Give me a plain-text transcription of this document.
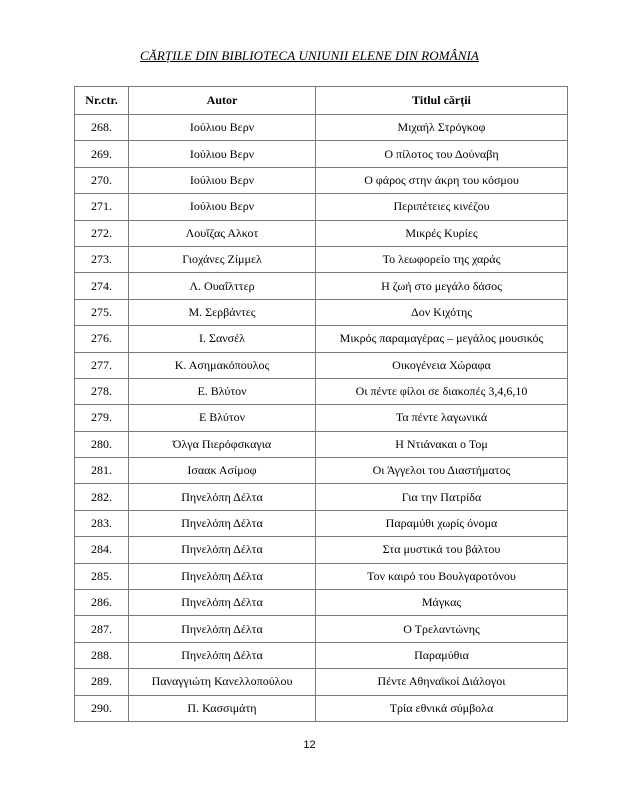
CĂRȚILE DIN BIBLIOTECA UNIUNII ELENE DIN ROMÂNIA
Nr.ctr.	Autor	Titlul cărţii
268.	Ιούλιου Βερν	Μιχαήλ Στρόγκοφ
269.	Ιούλιου Βερν	Ο πίλοτος του Δούναβη
270.	Ιούλιου Βερν	Ο φάρος στην άκρη του κόσμου
271.	Ιούλιου Βερν	Περιπέτειες κινέζου
272.	Λουΐζας Αλκοτ	Μικρές Κυρίες
273.	Γιοχάνες Ζίμμελ	Το λεωφορείο της χαράς
274.	Λ. Ουαΐλττερ	Η ζωή στο μεγάλο δάσος
275.	Μ. Σερβάντες	Δον Κιχότης
276.	Ι. Σανσέλ	Μικρός παραμαγέρας – μεγάλος μουσικός
277.	Κ. Ασημακόπουλος	Οικογένεια Χώραφα
278.	Ε. Βλύτον	Οι πέντε φίλοι σε διακοπές 3,4,6,10
279.	Ε Βλύτον	Τα πέντε λαγωνικά
280.	Όλγα Πιερόφσκαγια	Η Ντιάνακαι ο Τομ
281.	Ισαακ Ασίμοφ	Οι Άγγελοι του Διαστήματος
282.	Πηνελόπη Δέλτα	Για την Πατρίδα
283.	Πηνελόπη Δέλτα	Παραμύθι χωρίς όνομα
284.	Πηνελόπη Δέλτα	Στα μυστικά του βάλτου
285.	Πηνελόπη Δέλτα	Τον καιρό του Βουλγαροτόνου
286.	Πηνελόπη Δέλτα	Μάγκας
287.	Πηνελόπη Δέλτα	Ο Τρελαντώνης
288.	Πηνελόπη Δέλτα	Παραμύθια
289.	Παναγγιώτη Κανελλοπούλου	Πέντε Αθηναϊκοί Διάλογοι
290.	Π. Κασσιμάτη	Τρία εθνικά σύμβολα
12
